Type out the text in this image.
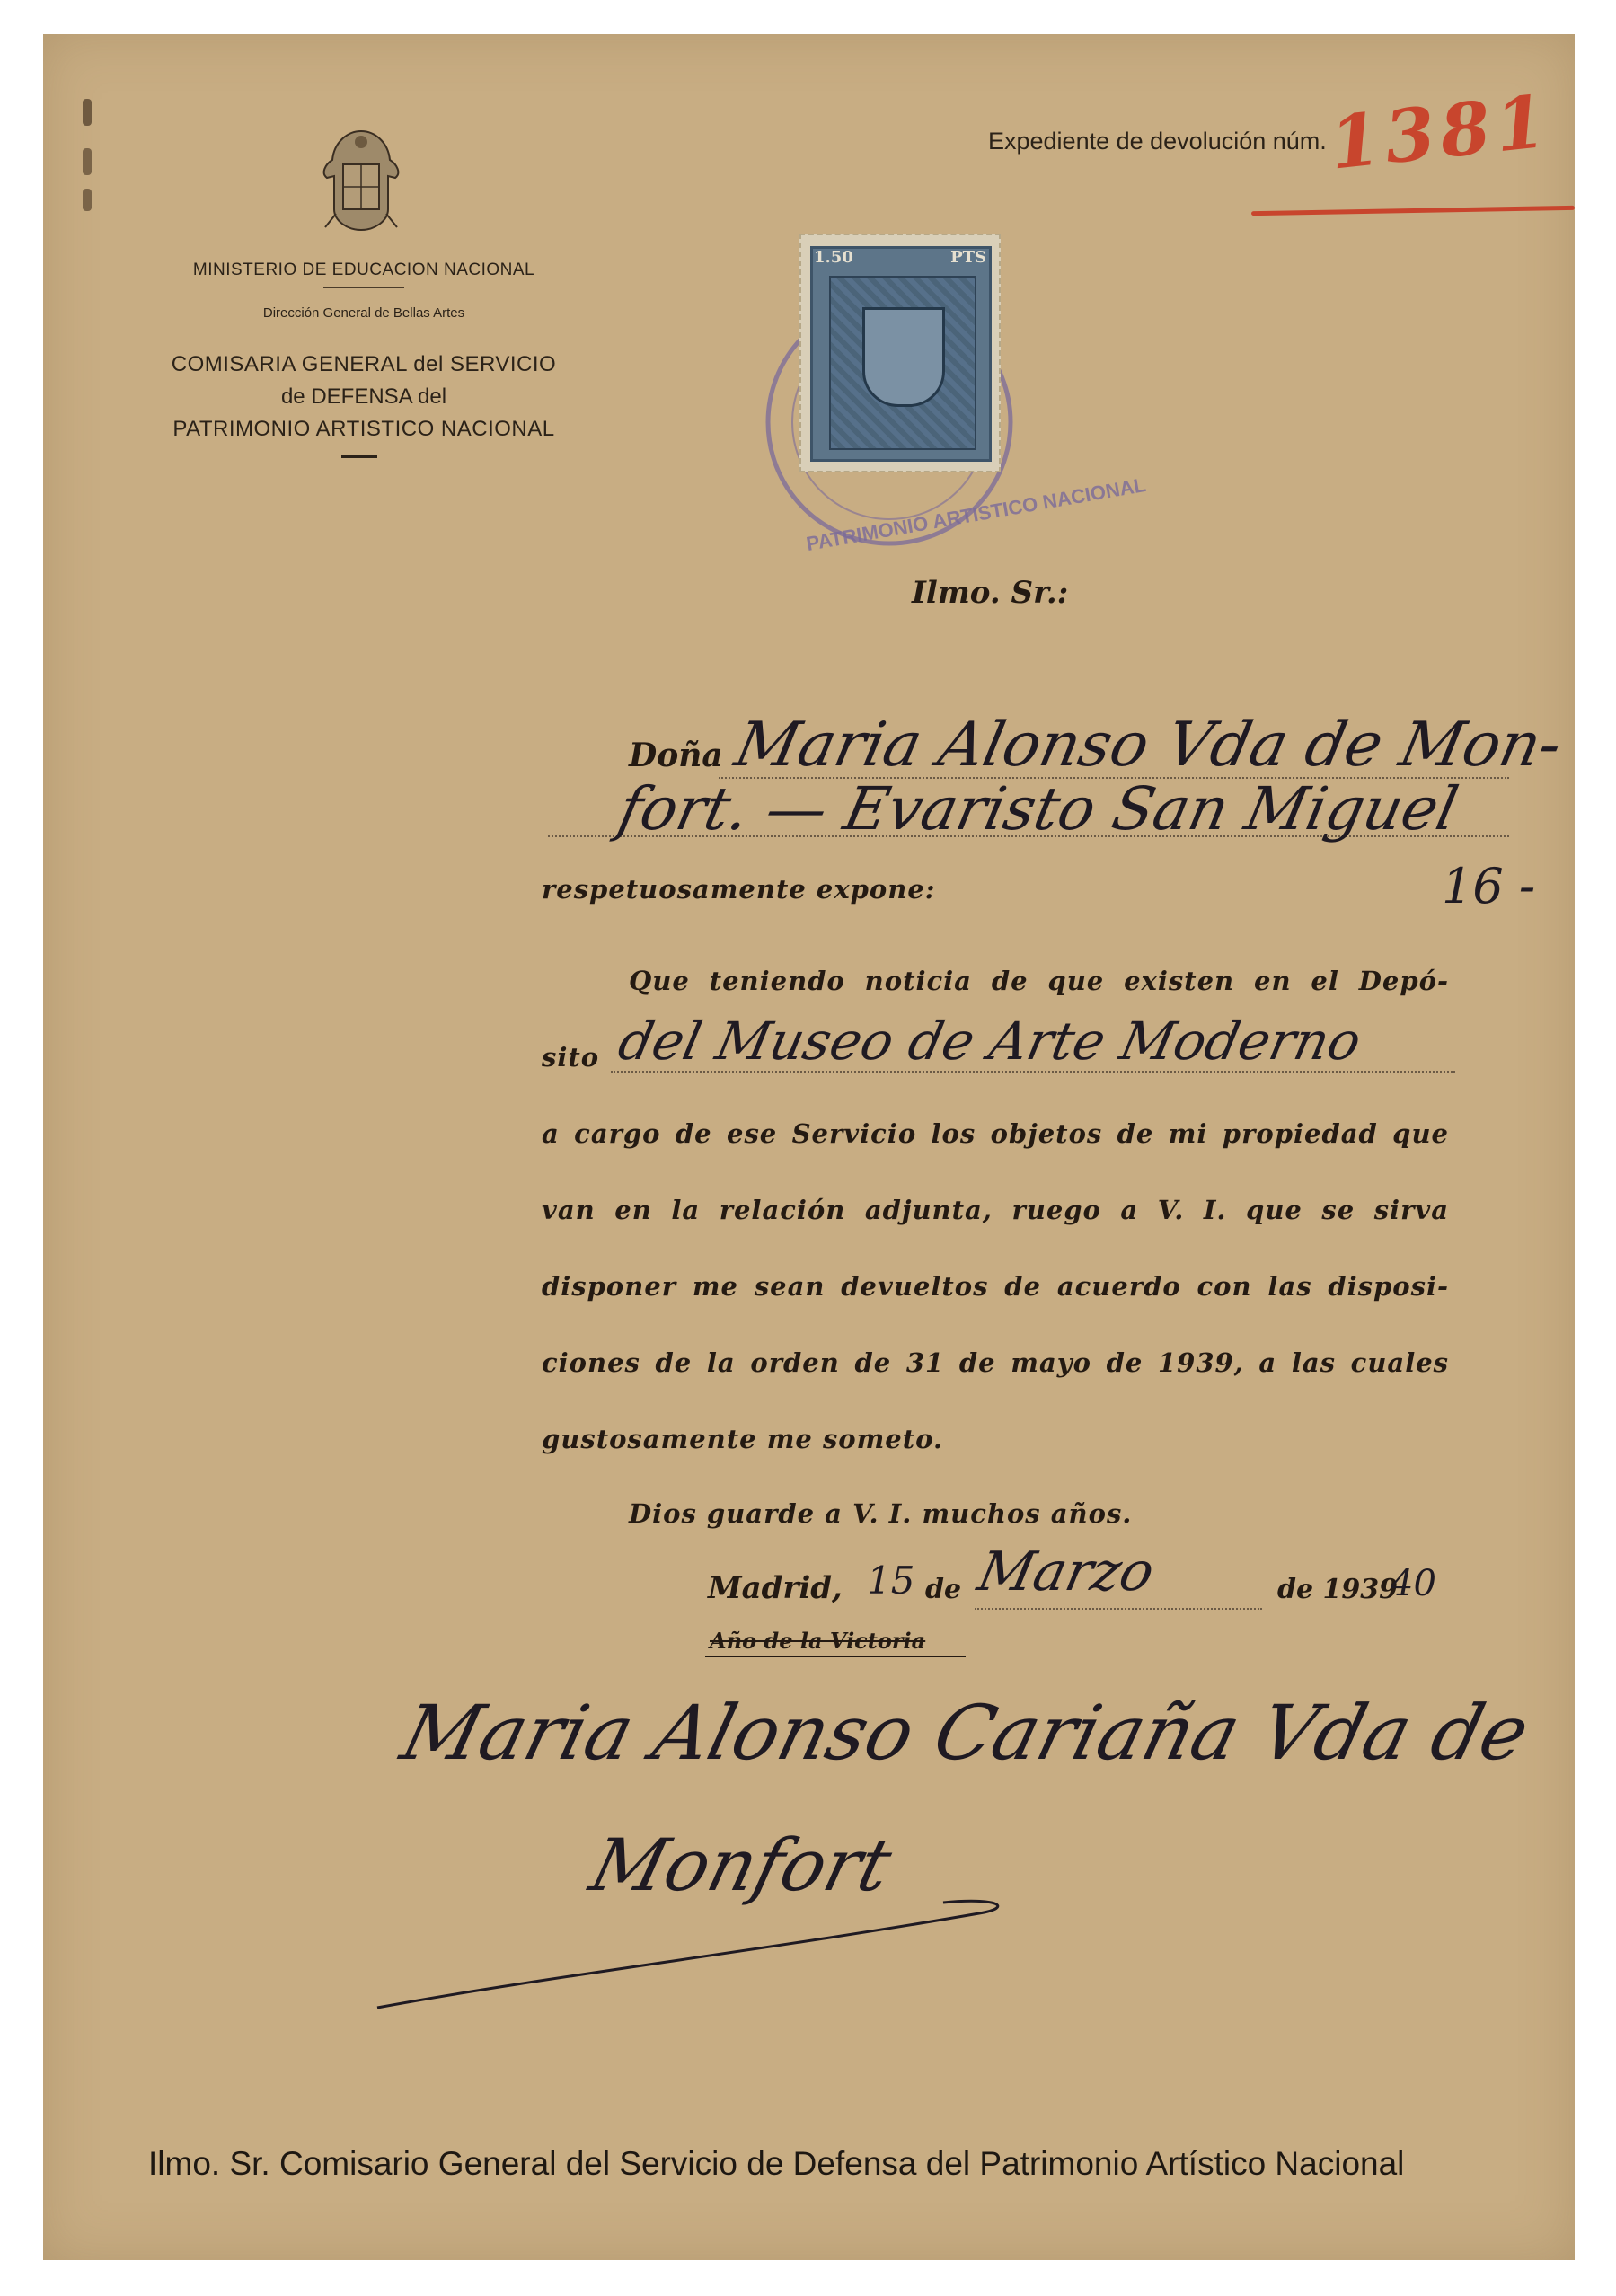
MINISTERIO DE EDUCACION NACIONAL
Dirección General de Bellas Artes
COMISARIA GENERAL del SERVICIO
de DEFENSA del
PATRIMONIO ARTISTICO NACIONAL
Expediente de devolución núm.
1381
PATRIMONIO ARTISTICO NACIONAL
1.50	PTS
Ilmo. Sr.:
Doña Maria Alonso Vda de Mon-
fort. — Evaristo San Miguel
respetuosamente expone:	16 -
Que teniendo noticia de que existen en el Depó-
sito del Museo de Arte Moderno
a cargo de ese Servicio los objetos de mi propiedad que
van en la relación adjunta, ruego a V. I. que se sirva
disponer me sean devueltos de acuerdo con las disposi-
ciones de la orden de 31 de mayo de 1939, a las cuales
gustosamente me someto.
Dios guarde a V. I. muchos años.
Madrid, 15 de Marzo	de 1939
40
Año de la Victoria
Maria Alonso Cariaña Vda de
Monfort
Ilmo. Sr. Comisario General del Servicio de Defensa del Patrimonio Artístico Nacional
